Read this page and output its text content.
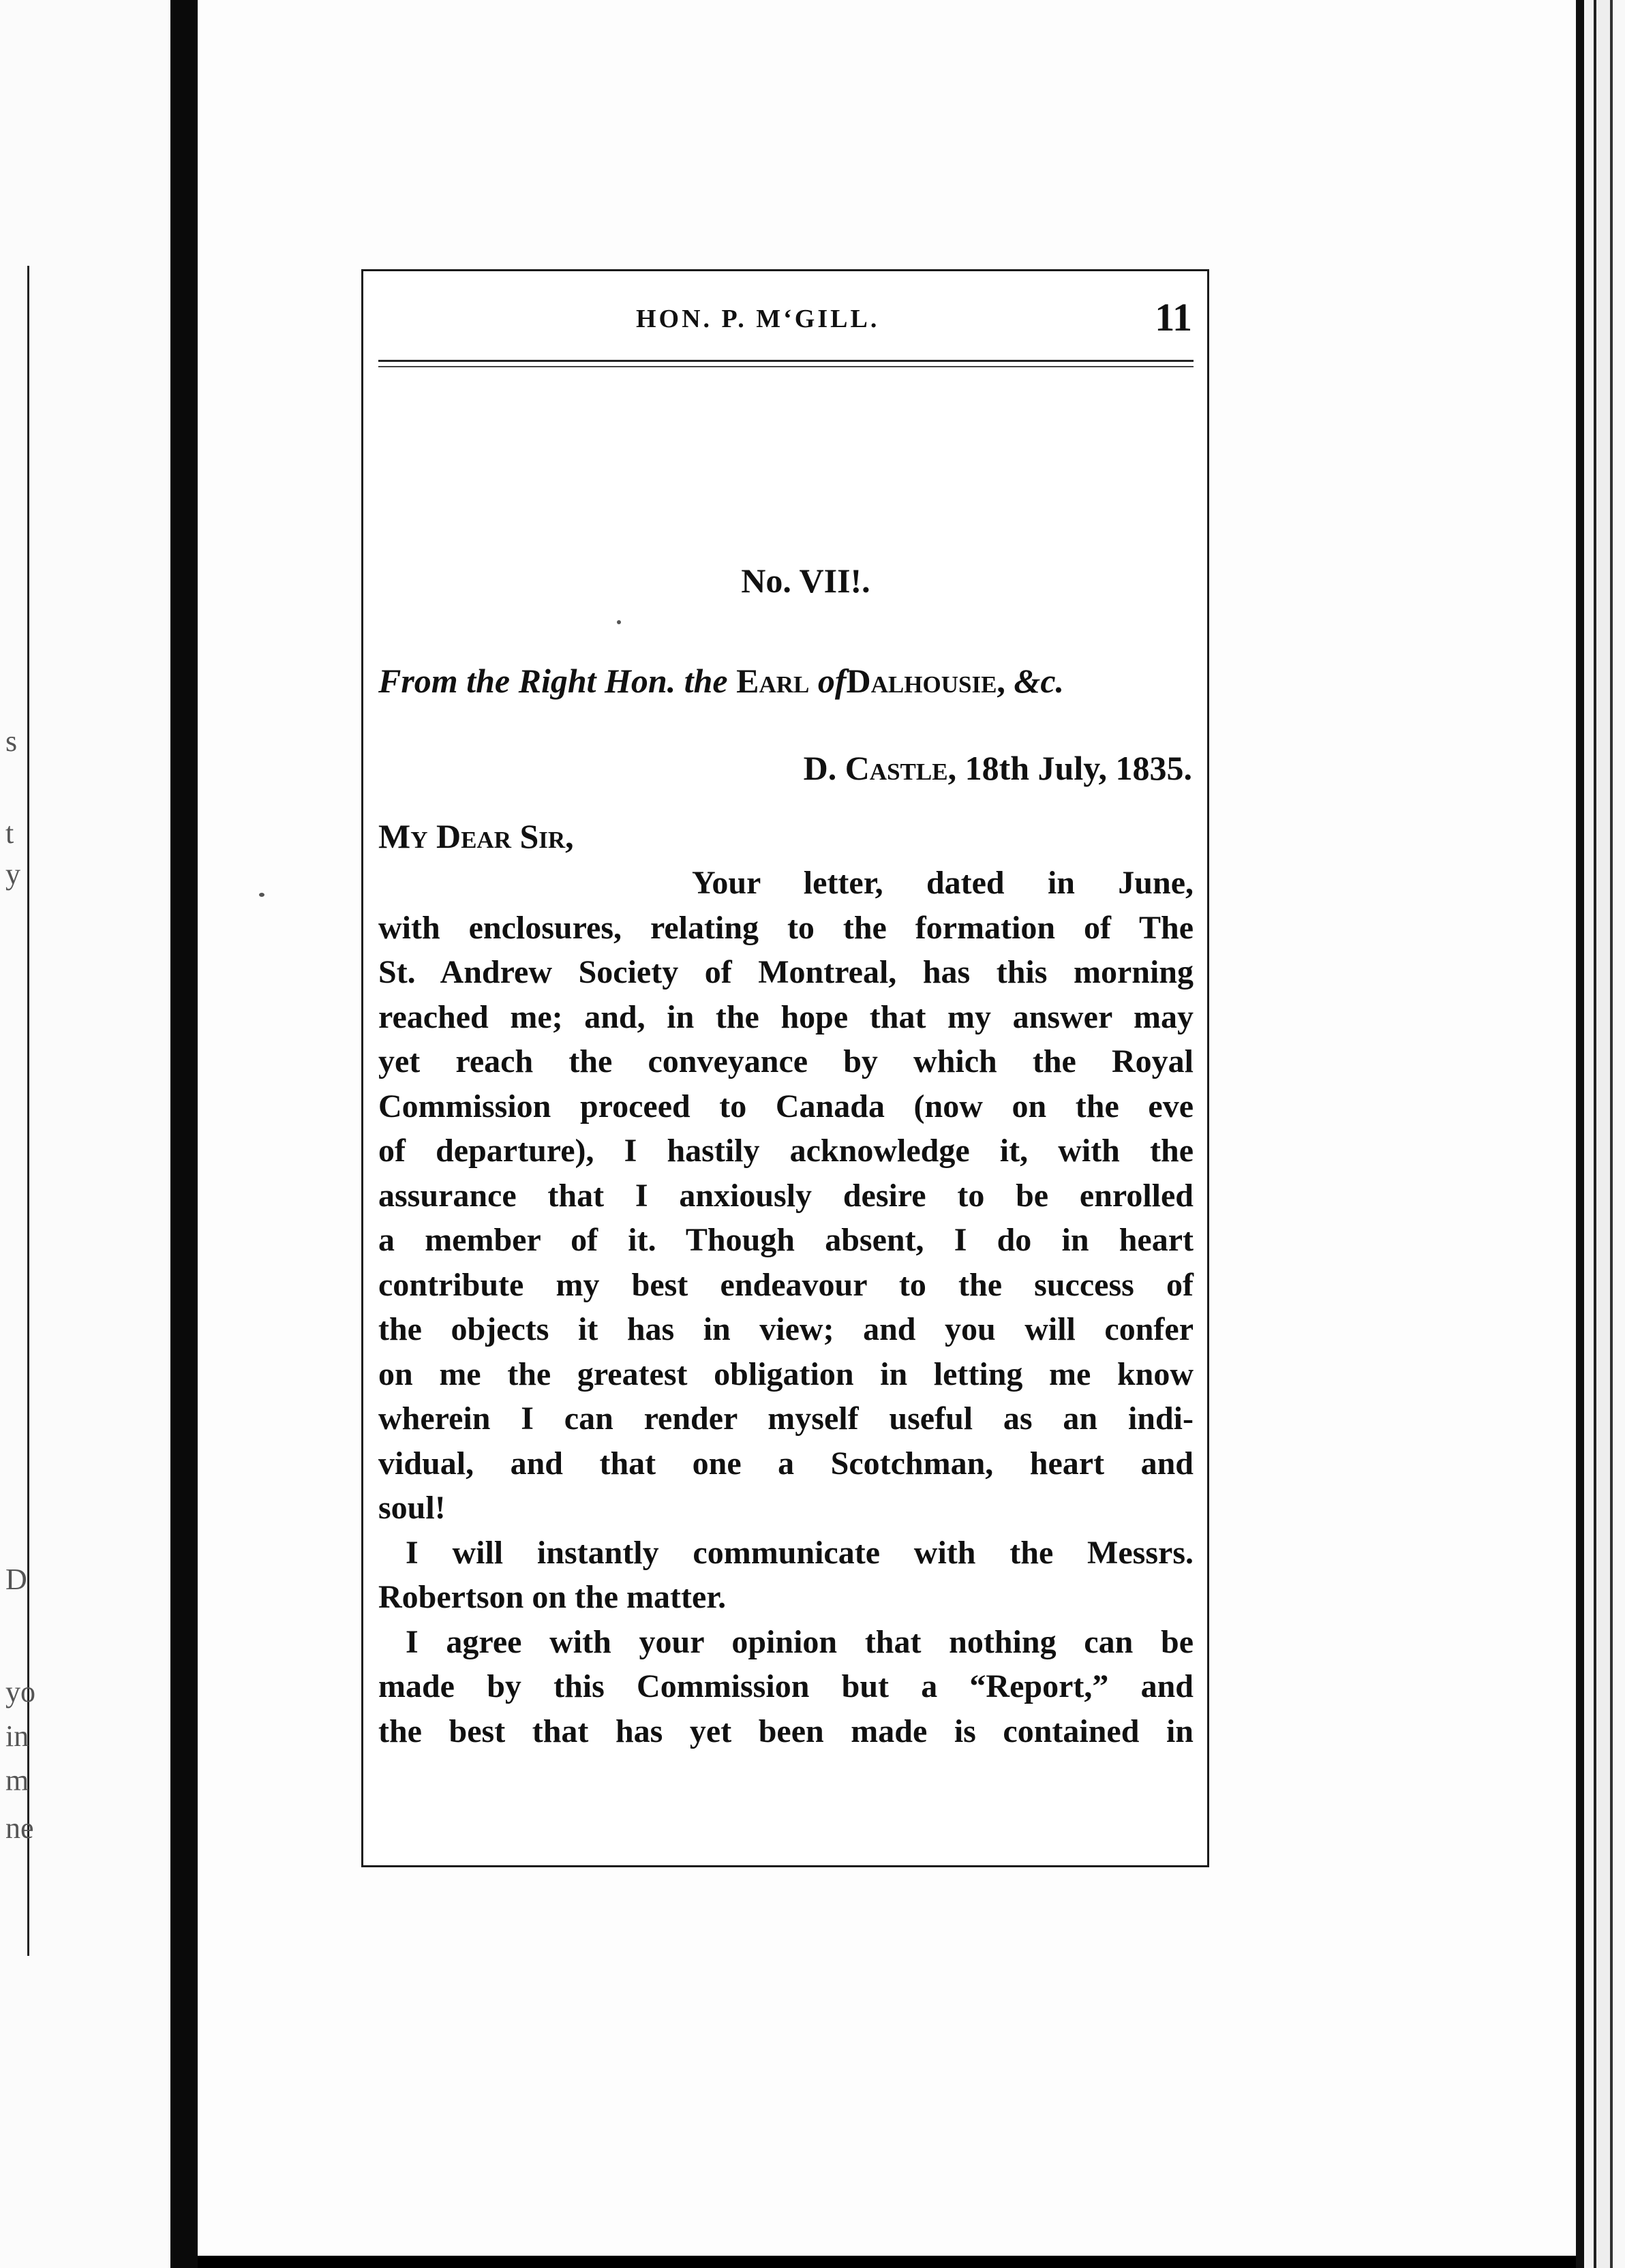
s
t
y
D
yo
in
m
ne
HON. P. M‘GILL.	11
No. VII!.
From the Right Hon. the Earl ofDalhousie, &c.
D. Castle, 18th July, 1835.
My Dear Sir,
Your letter, dated in June,
with enclosures, relating to the formation of The
St. Andrew Society of Montreal, has this morning
reached me; and, in the hope that my answer may
yet reach the conveyance by which the Royal
Commission proceed to Canada (now on the eve
of departure), I hastily acknowledge it, with the
assurance that I anxiously desire to be enrolled
a member of it. Though absent, I do in heart
contribute my best endeavour to the success of
the objects it has in view; and you will confer
on me the greatest obligation in letting me know
wherein I can render myself useful as an indi-
vidual, and that one a Scotchman, heart and
soul!
I will instantly communicate with the Messrs.
Robertson on the matter.
I agree with your opinion that nothing can be
made by this Commission but a “Report,” and
the best that has yet been made is contained in
